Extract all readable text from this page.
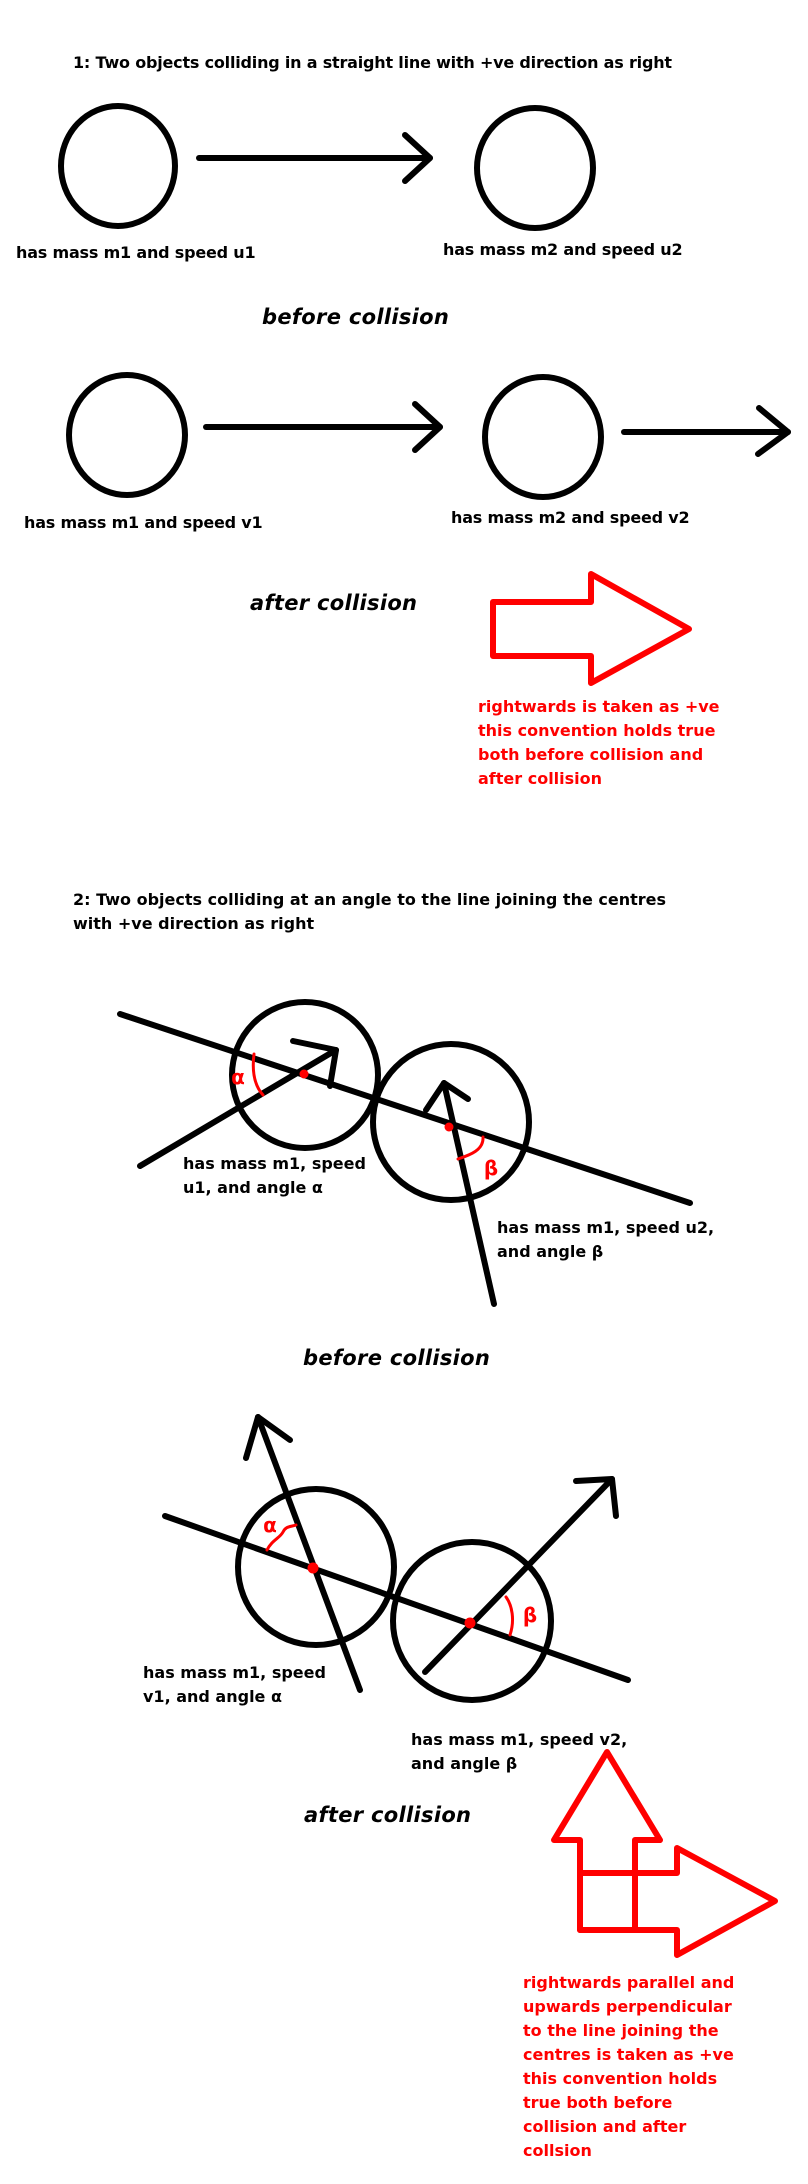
1: Two objects colliding in a straight line with +ve direction as right
has mass m1 and speed u1	has mass m2 and speed u2
before collision
has mass m1 and speed v1	has mass m2 and speed v2
after collision
rightwards is taken as +ve
this convention holds true
both before collision and
after collision
2: Two objects colliding at an angle to the line joining the centres
with +ve direction as right
α
β
has mass m1, speed
u1, and angle α
has mass m1, speed u2,
and angle β
before collision
α
β
has mass m1, speed
v1, and angle α
has mass m1, speed v2,
and angle β
after collision
rightwards parallel and
upwards perpendicular
to the line joining the
centres is taken as +ve
this convention holds
true both before
collision and after
collsion
